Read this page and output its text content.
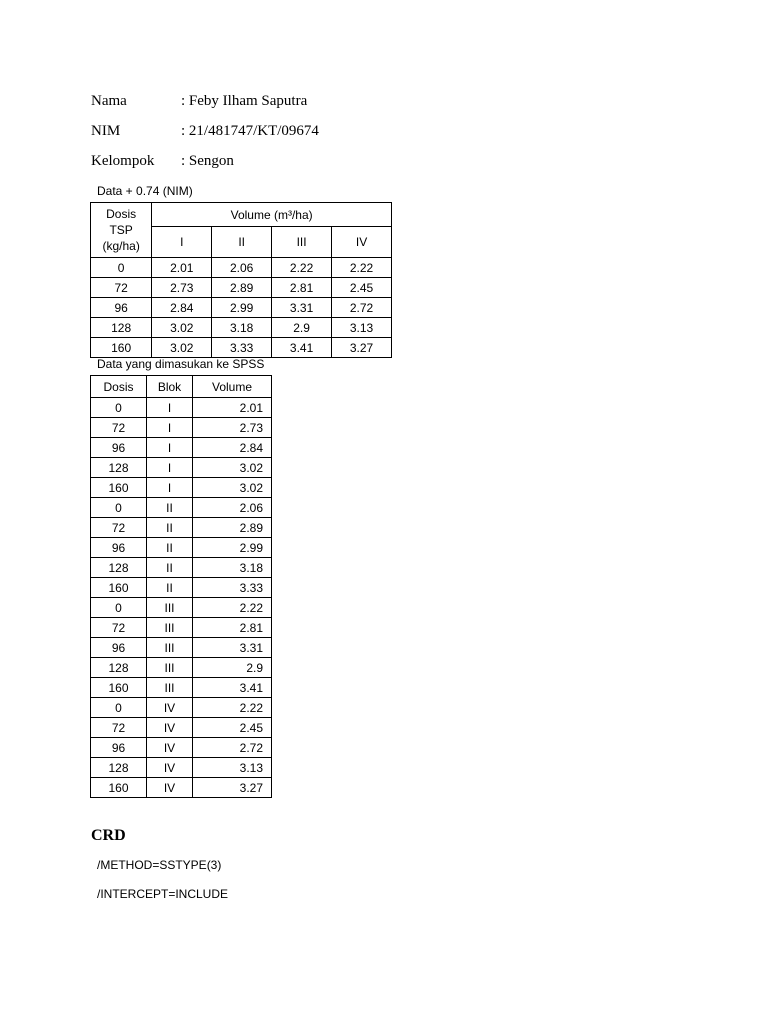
Nama	: Feby Ilham Saputra
NIM	: 21/481747/KT/09674
Kelompok : Sengon
Data + 0.74 (NIM)
Dosis
TSP
(kg/ha)	Volume (m³/ha)			
	I	II	III	IV
0	2.01	2.06	2.22	2.22
72	2.73	2.89	2.81	2.45
96	2.84	2.99	3.31	2.72
128	3.02	3.18	2.9	3.13
160	3.02	3.33	3.41	3.27
Data yang dimasukan ke SPSS
Dosis	Blok	Volume
0	I	2.01
72	I	2.73
96	I	2.84
128	I	3.02
160	I	3.02
0	II	2.06
72	II	2.89
96	II	2.99
128	II	3.18
160	II	3.33
0	III	2.22
72	III	2.81
96	III	3.31
128	III	2.9
160	III	3.41
0	IV	2.22
72	IV	2.45
96	IV	2.72
128	IV	3.13
160	IV	3.27
CRD
/METHOD=SSTYPE(3)
/INTERCEPT=INCLUDE
